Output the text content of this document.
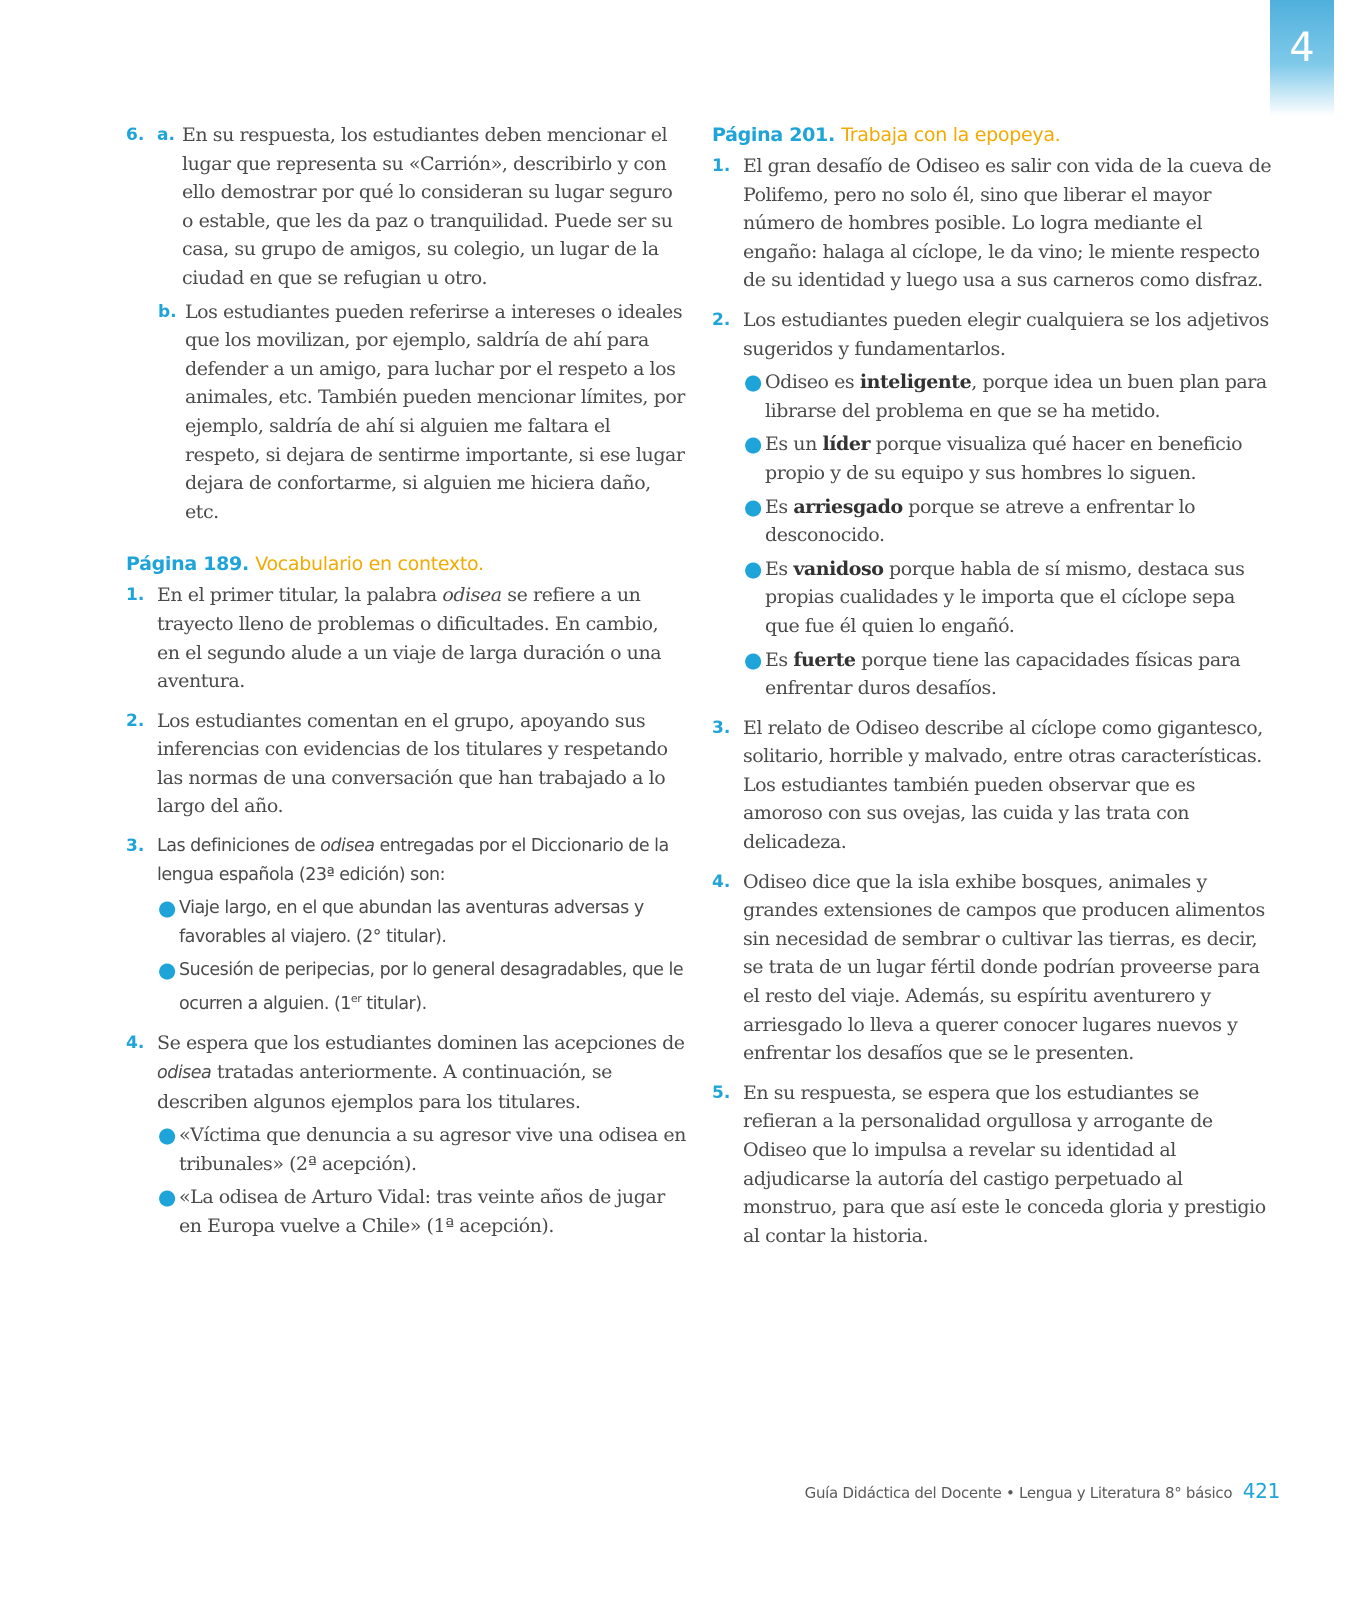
4
6. a. En su respuesta, los estudiantes deben mencionar el lugar que representa su «Carrión», describirlo y con ello demostrar por qué lo consideran su lugar seguro o estable, que les da paz o tranquilidad. Puede ser su casa, su grupo de amigos, su colegio, un lugar de la ciudad en que se refugian u otro.
b. Los estudiantes pueden referirse a intereses o ideales que los movilizan, por ejemplo, saldría de ahí para defender a un amigo, para luchar por el respeto a los animales, etc. También pueden mencionar límites, por ejemplo, saldría de ahí si alguien me faltara el respeto, si dejara de sentirme importante, si ese lugar dejara de confortarme, si alguien me hiciera daño, etc.
Página 189. Vocabulario en contexto.
1. En el primer titular, la palabra odisea se refiere a un trayecto lleno de problemas o dificultades. En cambio, en el segundo alude a un viaje de larga duración o una aventura.
2. Los estudiantes comentan en el grupo, apoyando sus inferencias con evidencias de los titulares y respetando las normas de una conversación que han trabajado a lo largo del año.
3. Las definiciones de odisea entregadas por el Diccionario de la lengua española (23ª edición) son:
● Viaje largo, en el que abundan las aventuras adversas y favorables al viajero. (2° titular).
● Sucesión de peripecias, por lo general desagradables, que le ocurren a alguien. (1er titular).
4. Se espera que los estudiantes dominen las acepciones de odisea tratadas anteriormente. A continuación, se describen algunos ejemplos para los titulares.
● «Víctima que denuncia a su agresor vive una odisea en tribunales» (2ª acepción).
● «La odisea de Arturo Vidal: tras veinte años de jugar en Europa vuelve a Chile» (1ª acepción).
Página 201. Trabaja con la epopeya.
1. El gran desafío de Odiseo es salir con vida de la cueva de Polifemo, pero no solo él, sino que liberar el mayor número de hombres posible. Lo logra mediante el engaño: halaga al cíclope, le da vino; le miente respecto de su identidad y luego usa a sus carneros como disfraz.
2. Los estudiantes pueden elegir cualquiera se los adjetivos sugeridos y fundamentarlos.
● Odiseo es inteligente, porque idea un buen plan para librarse del problema en que se ha metido.
● Es un líder porque visualiza qué hacer en beneficio propio y de su equipo y sus hombres lo siguen.
● Es arriesgado porque se atreve a enfrentar lo desconocido.
● Es vanidoso porque habla de sí mismo, destaca sus propias cualidades y le importa que el cíclope sepa que fue él quien lo engañó.
● Es fuerte porque tiene las capacidades físicas para enfrentar duros desafíos.
3. El relato de Odiseo describe al cíclope como gigantesco, solitario, horrible y malvado, entre otras características. Los estudiantes también pueden observar que es amoroso con sus ovejas, las cuida y las trata con delicadeza.
4. Odiseo dice que la isla exhibe bosques, animales y grandes extensiones de campos que producen alimentos sin necesidad de sembrar o cultivar las tierras, es decir, se trata de un lugar fértil donde podrían proveerse para el resto del viaje. Además, su espíritu aventurero y arriesgado lo lleva a querer conocer lugares nuevos y enfrentar los desafíos que se le presenten.
5. En su respuesta, se espera que los estudiantes se refieran a la personalidad orgullosa y arrogante de Odiseo que lo impulsa a revelar su identidad al adjudicarse la autoría del castigo perpetuado al monstruo, para que así este le conceda gloria y prestigio al contar la historia.
Guía Didáctica del Docente • Lengua y Literatura 8° básico 421
